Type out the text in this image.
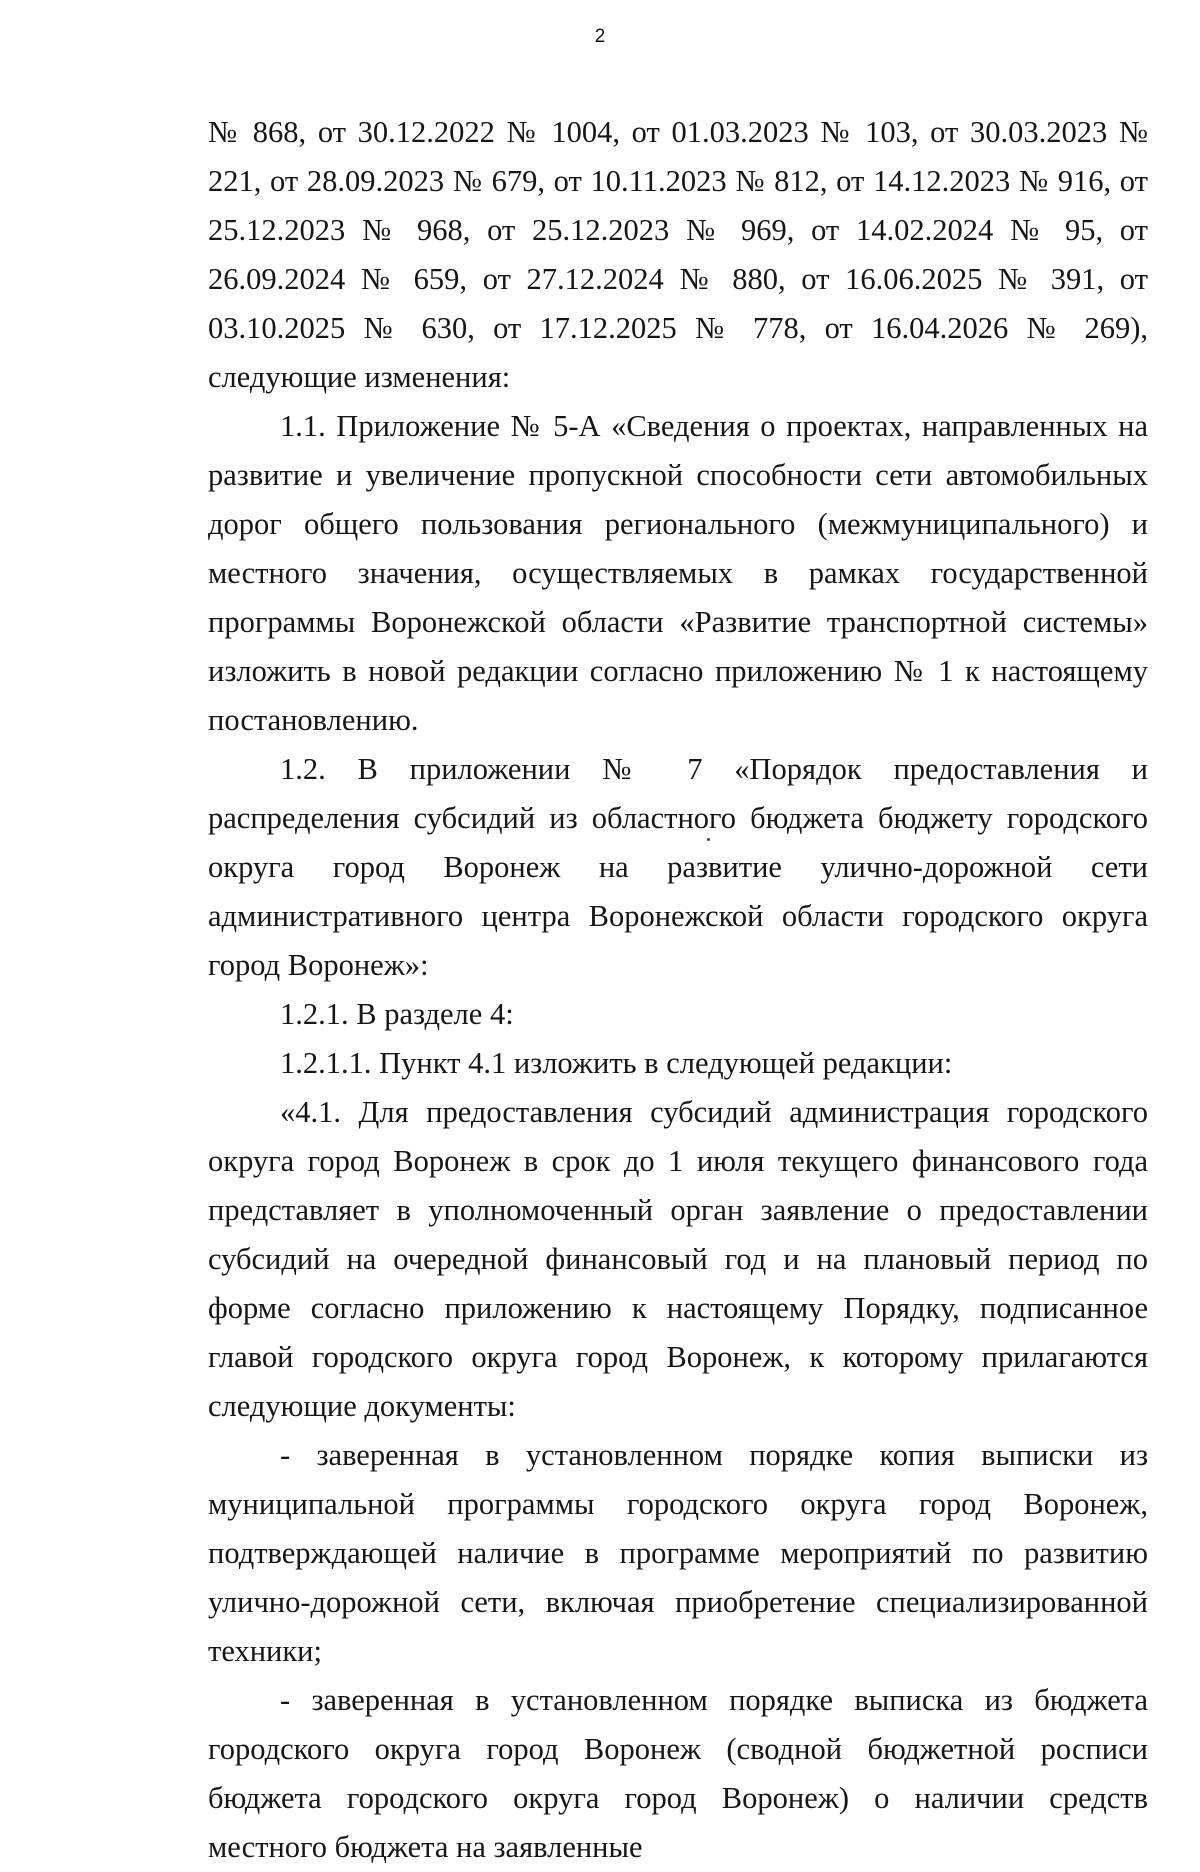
2

№ 868, от 30.12.2022 № 1004, от 01.03.2023 № 103, от 30.03.2023 № 221, от 28.09.2023 № 679, от 10.11.2023 № 812, от 14.12.2023 № 916, от 25.12.2023 № 968, от 25.12.2023 № 969, от 14.02.2024 № 95, от 26.09.2024 № 659, от 27.12.2024 № 880, от 16.06.2025 № 391, от 03.10.2025 № 630, от 17.12.2025 № 778, от 16.04.2026 № 269), следующие изменения:

1.1. Приложение № 5-А «Сведения о проектах, направленных на развитие и увеличение пропускной способности сети автомобильных дорог общего пользования регионального (межмуниципального) и местного значения, осуществляемых в рамках государственной программы Воронежской области «Развитие транспортной системы» изложить в новой редакции согласно приложению № 1 к настоящему постановлению.

1.2. В приложении № 7 «Порядок предоставления и распределения субсидий из областного бюджета бюджету городского округа город Воронеж на развитие улично-дорожной сети административного центра Воронежской области городского округа город Воронеж»:

1.2.1. В разделе 4:

1.2.1.1. Пункт 4.1 изложить в следующей редакции:

«4.1. Для предоставления субсидий администрация городского округа город Воронеж в срок до 1 июля текущего финансового года представляет в уполномоченный орган заявление о предоставлении субсидий на очередной финансовый год и на плановый период по форме согласно приложению к настоящему Порядку, подписанное главой городского округа город Воронеж, к которому прилагаются следующие документы:

- заверенная в установленном порядке копия выписки из муниципальной программы городского округа город Воронеж, подтверждающей наличие в программе мероприятий по развитию улично-дорожной сети, включая приобретение специализированной техники;

- заверенная в установленном порядке выписка из бюджета городского округа город Воронеж (сводной бюджетной росписи бюджета городского округа город Воронеж) о наличии средств местного бюджета на заявленные
